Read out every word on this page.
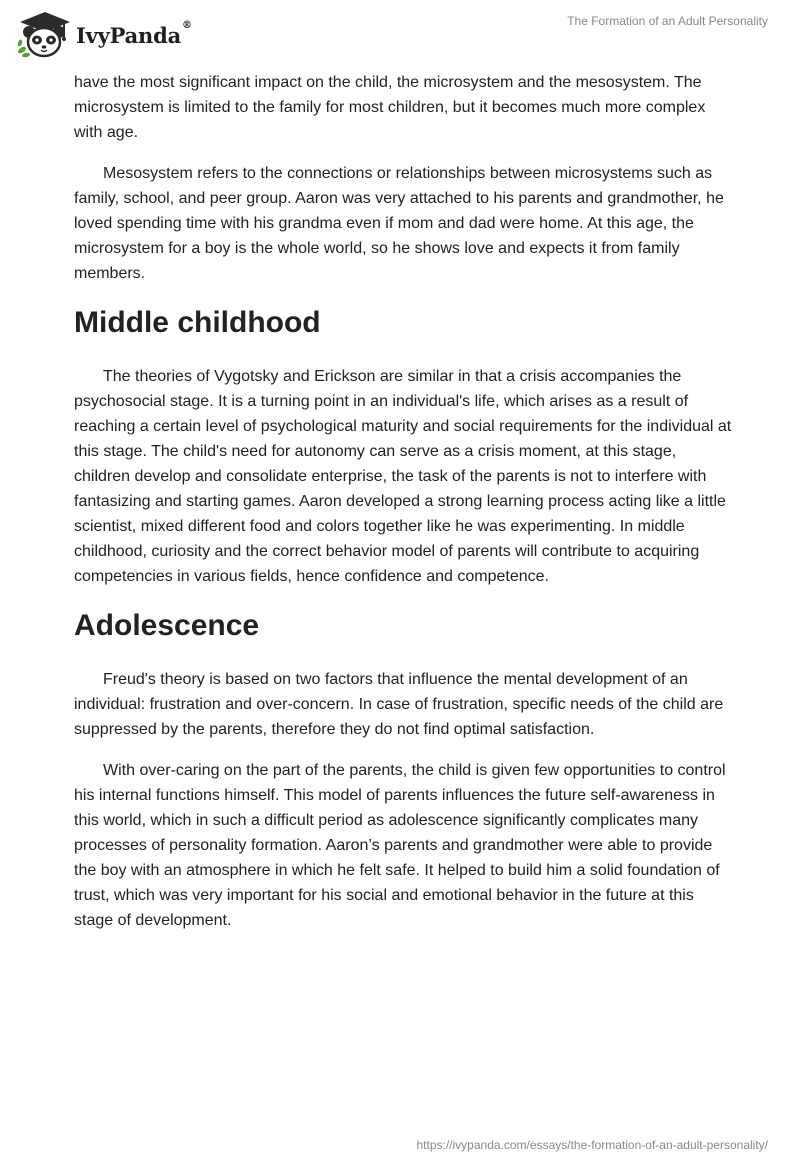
IvyPanda®	The Formation of an Adult Personality

have the most significant impact on the child, the microsystem and the mesosystem. The microsystem is limited to the family for most children, but it becomes much more complex with age.

Mesosystem refers to the connections or relationships between microsystems such as family, school, and peer group. Aaron was very attached to his parents and grandmother, he loved spending time with his grandma even if mom and dad were home. At this age, the microsystem for a boy is the whole world, so he shows love and expects it from family members.

Middle childhood

The theories of Vygotsky and Erickson are similar in that a crisis accompanies the psychosocial stage. It is a turning point in an individual's life, which arises as a result of reaching a certain level of psychological maturity and social requirements for the individual at this stage. The child's need for autonomy can serve as a crisis moment, at this stage, children develop and consolidate enterprise, the task of the parents is not to interfere with fantasizing and starting games. Aaron developed a strong learning process acting like a little scientist, mixed different food and colors together like he was experimenting. In middle childhood, curiosity and the correct behavior model of parents will contribute to acquiring competencies in various fields, hence confidence and competence.

Adolescence

Freud's theory is based on two factors that influence the mental development of an individual: frustration and over-concern. In case of frustration, specific needs of the child are suppressed by the parents, therefore they do not find optimal satisfaction.

With over-caring on the part of the parents, the child is given few opportunities to control his internal functions himself. This model of parents influences the future self-awareness in this world, which in such a difficult period as adolescence significantly complicates many processes of personality formation. Aaron’s parents and grandmother were able to provide the boy with an atmosphere in which he felt safe. It helped to build him a solid foundation of trust, which was very important for his social and emotional behavior in the future at this stage of development.

https://ivypanda.com/essays/the-formation-of-an-adult-personality/
